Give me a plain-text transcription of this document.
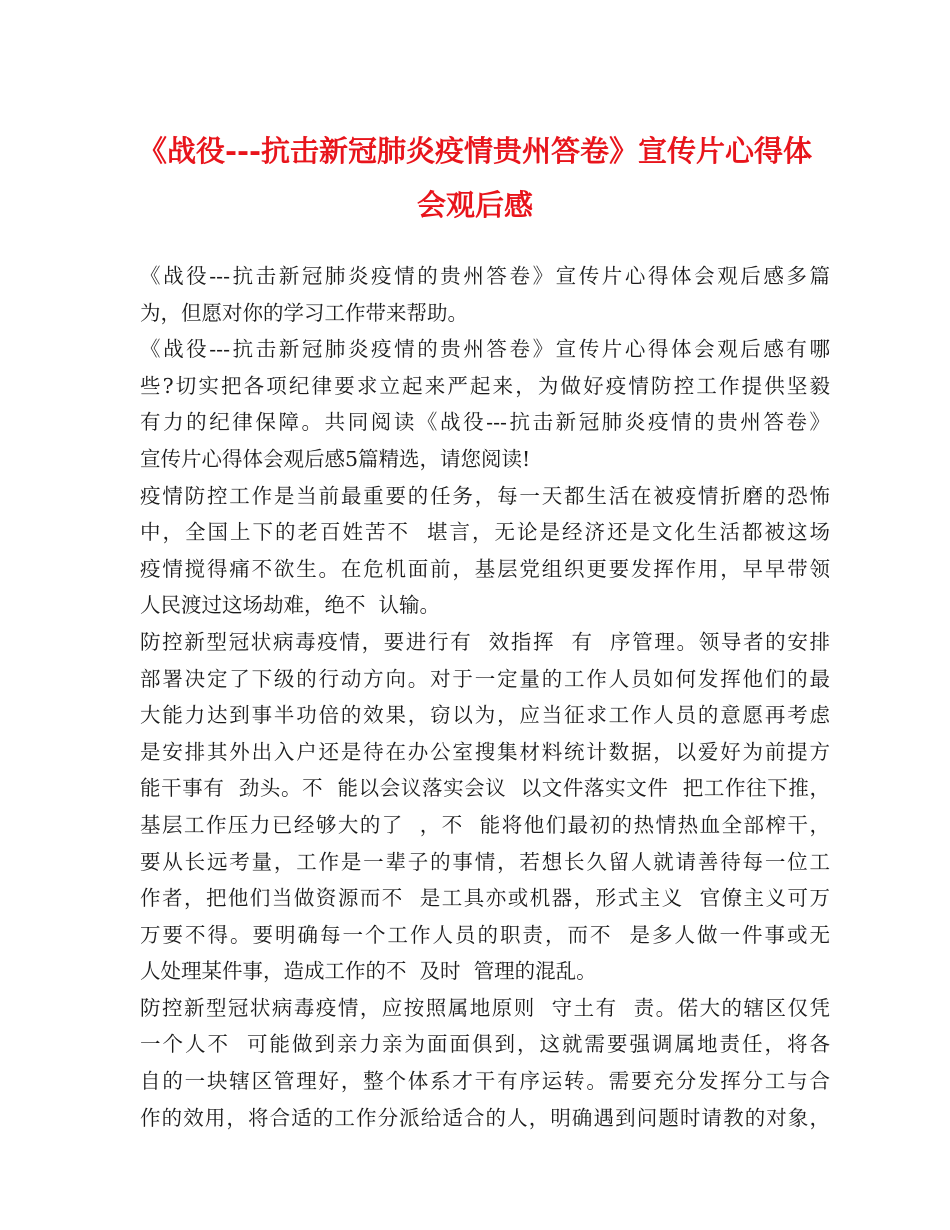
《战役---抗击新冠肺炎疫情贵州答卷》宣传片心得体
会观后感
《战役---抗击新冠肺炎疫情的贵州答卷》宣传片心得体会观后感多篇
为，但愿对你的学习工作带来帮助。
《战役---抗击新冠肺炎疫情的贵州答卷》宣传片心得体会观后感有哪
些?切实把各项纪律要求立起来严起来，为做好疫情防控工作提供坚毅
有力的纪律保障。共同阅读《战役---抗击新冠肺炎疫情的贵州答卷》
宣传片心得体会观后感5篇精选，请您阅读!
疫情防控工作是当前最重要的任务，每一天都生活在被疫情折磨的恐怖
中，全国上下的老百姓苦不  堪言，无论是经济还是文化生活都被这场
疫情搅得痛不欲生。在危机面前，基层党组织更要发挥作用，早早带领
人民渡过这场劫难，绝不  认输。
防控新型冠状病毒疫情，要进行有  效指挥  有  序管理。领导者的安排
部署决定了下级的行动方向。对于一定量的工作人员如何发挥他们的最
大能力达到事半功倍的效果，窃以为，应当征求工作人员的意愿再考虑
是安排其外出入户还是待在办公室搜集材料统计数据，以爱好为前提方
能干事有  劲头。不  能以会议落实会议  以文件落实文件  把工作往下推，
基层工作压力已经够大的了  ，不  能将他们最初的热情热血全部榨干，
要从长远考量，工作是一辈子的事情，若想长久留人就请善待每一位工
作者，把他们当做资源而不  是工具亦或机器，形式主义  官僚主义可万
万要不得。要明确每一个工作人员的职责，而不  是多人做一件事或无
人处理某件事，造成工作的不  及时  管理的混乱。
防控新型冠状病毒疫情，应按照属地原则  守土有  责。偌大的辖区仅凭
一个人不  可能做到亲力亲为面面俱到，这就需要强调属地责任，将各
自的一块辖区管理好，整个体系才干有序运转。需要充分发挥分工与合
作的效用，将合适的工作分派给适合的人，明确遇到问题时请教的对象，
